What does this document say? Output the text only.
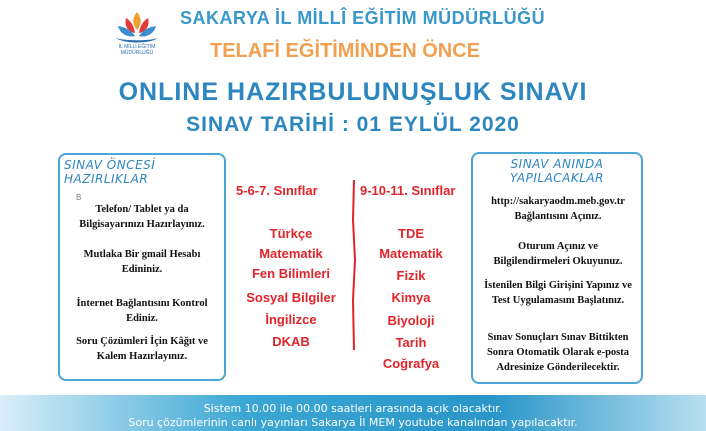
İL MİLLİ EĞİTİM MÜDÜRLÜĞÜ
SAKARYA İL MİLLÎ EĞİTİM MÜDÜRLÜĞÜ
TELAFİ EĞİTİMİNDEN ÖNCE
ONLINE HAZIRBULUNUŞLUK SINAVI
SINAV TARİHİ : 01 EYLÜL 2020
SINAV ÖNCESİ
HAZIRLIKLAR
B
Telefon/ Tablet ya da Bilgisayarınızı Hazırlayınız.
Mutlaka Bir gmail Hesabı Edininiz.
İnternet Bağlantısını Kontrol Ediniz.
Soru Çözümleri İçin Kâğıt ve Kalem Hazırlayınız.
5-6-7. Sınıflar	9-10-11. Sınıflar
Türkçe
Matematik
Fen Bilimleri
Sosyal Bilgiler
İngilizce
DKAB
TDE
Matematik
Fizik
Kimya
Biyoloji
Tarih
Coğrafya
SINAV ANINDA
YAPILACAKLAR
http://sakaryaodm.meb.gov.tr Bağlantısını Açınız.
Oturum Açınız ve Bilgilendirmeleri Okuyunuz.
İstenilen Bilgi Girişini Yapınız ve Test Uygulamasını Başlatınız.
Sınav Sonuçları Sınav Bittikten Sonra Otomatik Olarak e-posta Adresinize Gönderilecektir.
Sistem 10.00 ile 00.00 saatleri arasında açık olacaktır.
Soru çözümlerinin canlı yayınları Sakarya İl MEM youtube kanalından yapılacaktır.
